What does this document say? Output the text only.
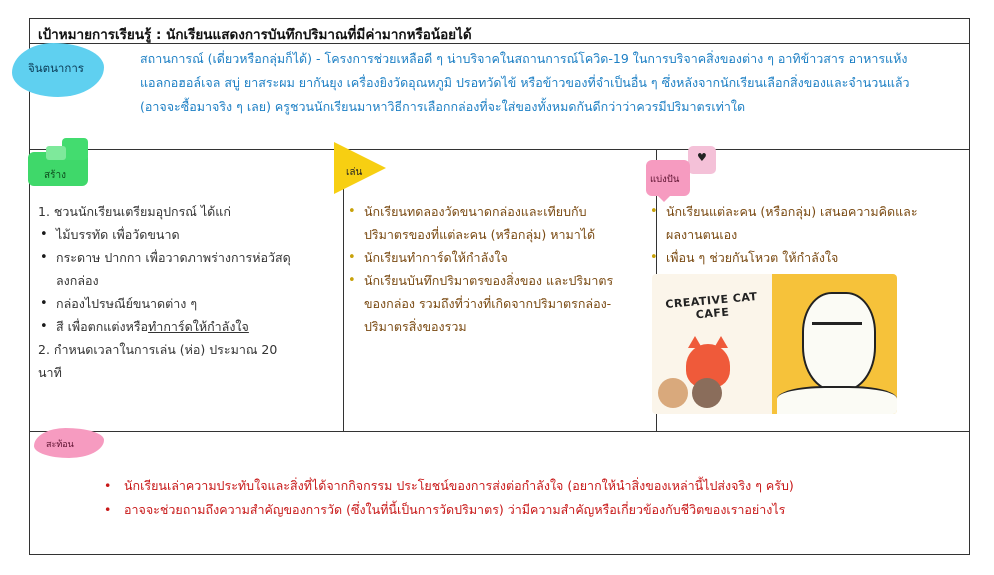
เป้าหมายการเรียนรู้ : นักเรียนแสดงการบันทึกปริมาณที่มีค่ามากหรือน้อยได้
จินตนาการ
สถานการณ์ (เดี่ยวหรือกลุ่มก็ได้) - โครงการช่วยเหลือดี ๆ น่าบริจาคในสถานการณ์โควิด-19 ในการบริจาคสิ่งของต่าง ๆ อาทิข้าวสาร อาหารแห้ง แอลกอฮอล์เจล สบู่ ยาสระผม ยากันยุง เครื่องยิงวัดอุณหภูมิ ปรอทวัดไข้ หรือข้าวของที่จำเป็นอื่น ๆ ซึ่งหลังจากนักเรียนเลือกสิ่งของและจำนวนแล้ว (อาจจะซื้อมาจริง ๆ เลย) ครูชวนนักเรียนมาหาวิธีการเลือกกล่องที่จะใส่ของทั้งหมดกันดีกว่าว่าควรมีปริมาตรเท่าใด
สร้าง	เล่น
♥
แบ่งปัน
1. ชวนนักเรียนเตรียมอุปกรณ์ ได้แก่
• ไม้บรรทัด เพื่อวัดขนาด
• กระดาษ ปากกา เพื่อวาดภาพร่างการห่อวัสดุลงกล่อง
• กล่องไปรษณีย์ขนาดต่าง ๆ
• สี เพื่อตกแต่งหรือทำการ์ดให้กำลังใจ
2. กำหนดเวลาในการเล่น (ห่อ) ประมาณ 20 นาที
• นักเรียนทดลองวัดขนาดกล่องและเทียบกับปริมาตรของที่แต่ละคน (หรือกลุ่ม) หามาได้
• นักเรียนทำการ์ดให้กำลังใจ
• นักเรียนบันทึกปริมาตรของสิ่งของ และปริมาตรของกล่อง รวมถึงที่ว่างที่เกิดจากปริมาตรกล่อง-ปริมาตรสิ่งของรวม
• นักเรียนแต่ละคน (หรือกลุ่ม) เสนอความคิดและผลงานตนเอง
• เพื่อน ๆ ช่วยกันโหวต ให้กำลังใจ
CREATIVE CAT CAFE
สะท้อน
• นักเรียนเล่าความประทับใจและสิ่งที่ได้จากกิจกรรม ประโยชน์ของการส่งต่อกำลังใจ (อยากให้นำสิ่งของเหล่านี้ไปส่งจริง ๆ ครับ)
• อาจจะช่วยถามถึงความสำคัญของการวัด (ซึ่งในที่นี้เป็นการวัดปริมาตร) ว่ามีความสำคัญหรือเกี่ยวข้องกับชีวิตของเราอย่างไร
